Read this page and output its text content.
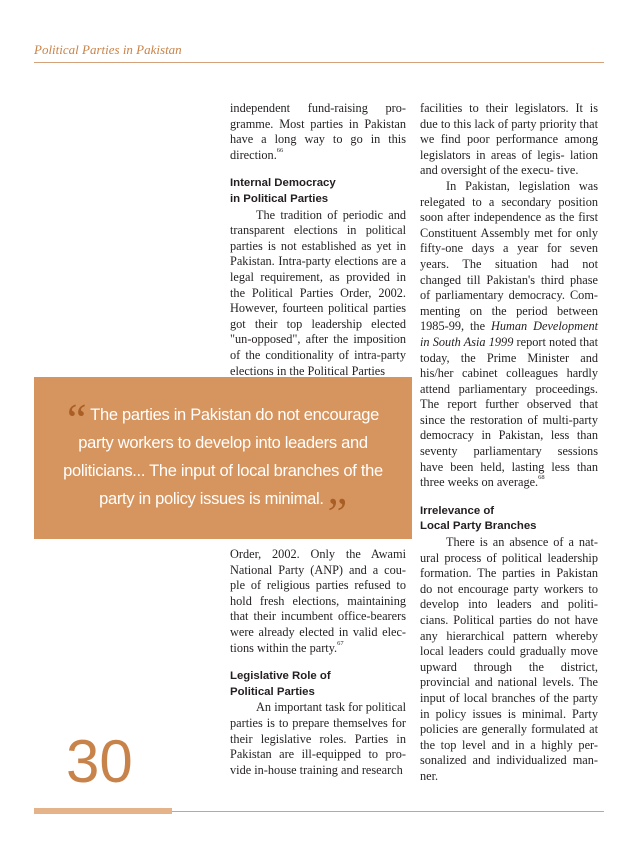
Political Parties in Pakistan

independent fund-raising pro- gramme. Most parties in Pakistan have a long way to go in this direction.$^{66}$

Internal Democracy
in Political Parties

The tradition of periodic and transparent elections in political parties is not established as yet in Pakistan. Intra-party elections are a legal requirement, as provided in the Political Parties Order, 2002. However, fourteen political parties got their top leadership elected "un-opposed", after the imposition of the conditionality of intra-party elections in the Political Parties

“ The parties in Pakistan do not encourage party workers to develop into leaders and politicians... The input of local branches of the party in policy issues is minimal.”

Order, 2002. Only the Awami National Party (ANP) and a cou- ple of religious parties refused to hold fresh elections, maintaining that their incumbent office-bearers were already elected in valid elec- tions within the party.$^{67}$

Legislative Role of
Political Parties

An important task for political parties is to prepare themselves for their legislative roles. Parties in Pakistan are ill-equipped to pro- vide in-house training and research

facilities to their legislators. It is due to this lack of party priority that we find poor performance among legislators in areas of legis- lation and oversight of the execu- tive.

In Pakistan, legislation was relegated to a secondary position soon after independence as the first Constituent Assembly met for only fifty-one days a year for seven years. The situation had not changed till Pakistan's third phase of parliamentary democracy. Com- menting on the period between 1985-99, the Human Development in South Asia 1999 report noted that today, the Prime Minister and his/her cabinet colleagues hardly attend parliamentary proceedings. The report further observed that since the restoration of multi-party democracy in Pakistan, less than seventy parliamentary sessions have been held, lasting less than three weeks on average.$^{68}$

Irrelevance of
Local Party Branches

There is an absence of a nat- ural process of political leadership formation. The parties in Pakistan do not encourage party workers to develop into leaders and politi- cians. Political parties do not have any hierarchical pattern whereby local leaders could gradually move upward through the district, provincial and national levels. The input of local branches of the party in policy issues is minimal. Party policies are generally formulated at the top level and in a highly per- sonalized and individualized man- ner.

30
